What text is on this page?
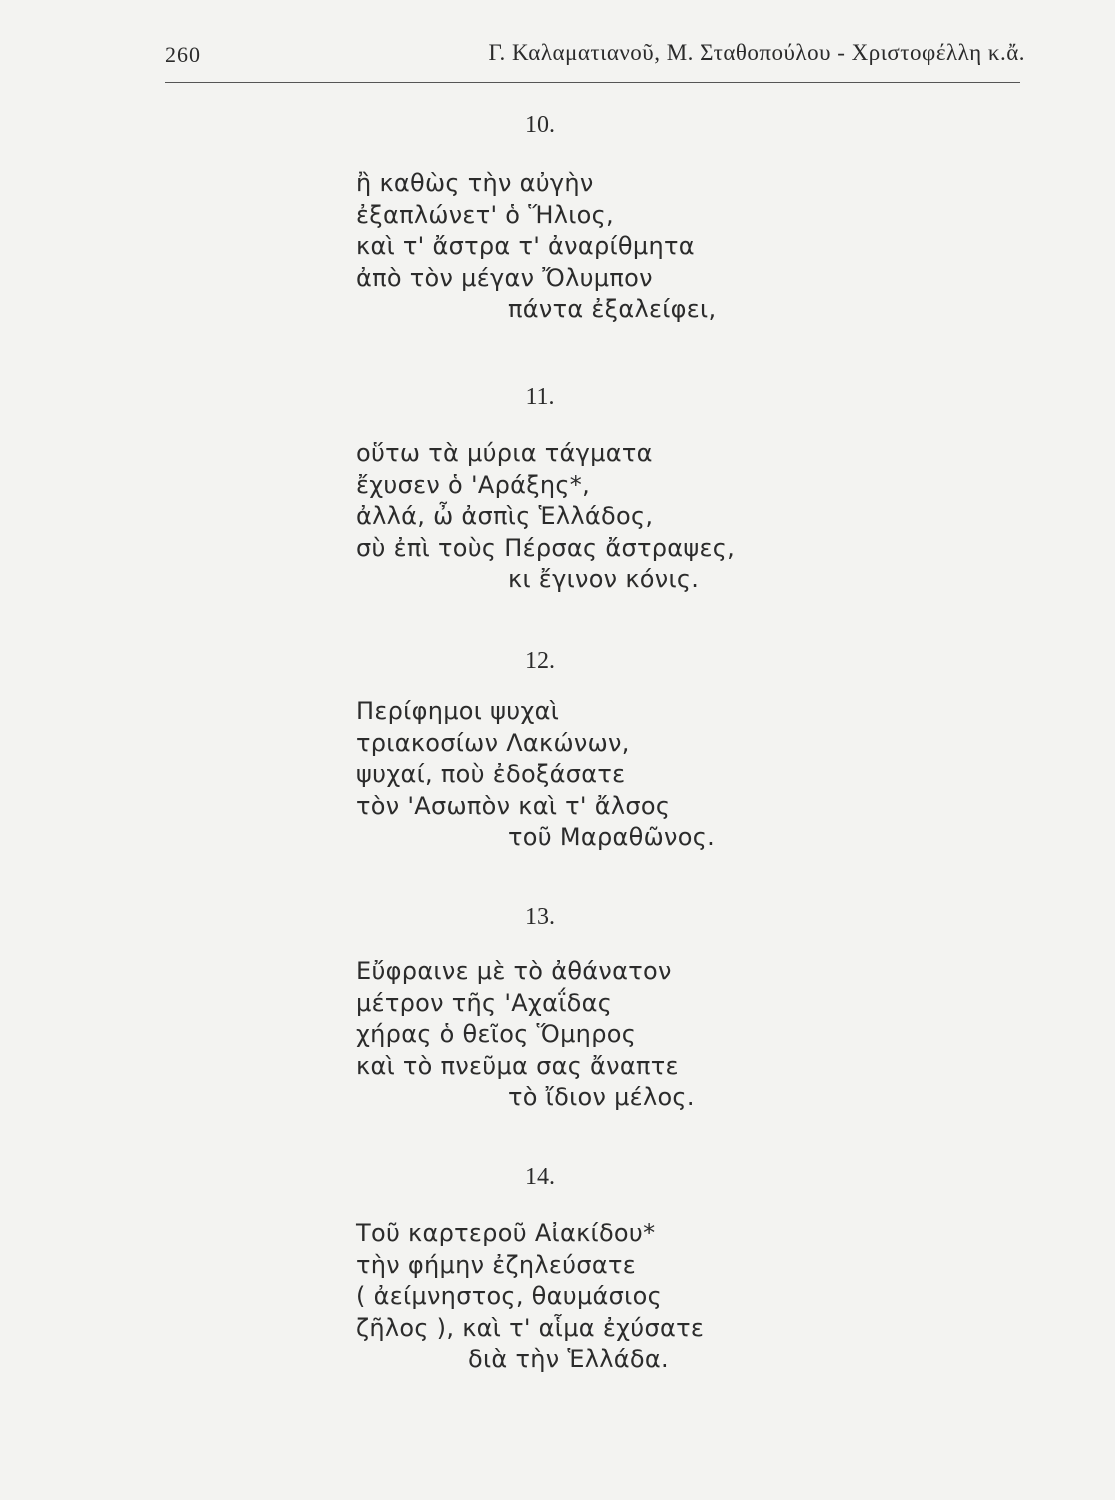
260	Γ. Καλαματιανοῦ, Μ. Σταθοπούλου - Χριστοφέλλη κ.ἄ.
10.
ἢ καθὼς τὴν αὐγὴν
ἐξαπλώνετ' ὁ Ἥλιος,
καὶ τ' ἄστρα τ' ἀναρίθμητα
ἀπὸ τὸν μέγαν Ὄλυμπον
πάντα ἐξαλείφει,
11.
οὕτω τὰ μύρια τάγματα
ἔχυσεν ὁ 'Αράξης*,
ἀλλά, ὦ ἀσπὶς Ἑλλάδος,
σὺ ἐπὶ τοὺς Πέρσας ἄστραψες,
κι ἔγινον κόνις.
12.
Περίφημοι ψυχαὶ
τριακοσίων Λακώνων,
ψυχαί, ποὺ ἐδοξάσατε
τὸν 'Ασωπὸν καὶ τ' ἄλσος
τοῦ Μαραθῶνος.
13.
Εὔφραινε μὲ τὸ ἀθάνατον
μέτρον τῆς 'Αχαΐδας
χήρας ὁ θεῖος Ὅμηρος
καὶ τὸ πνεῦμα σας ἄναπτε
τὸ ἴδιον μέλος.
14.
Τοῦ καρτεροῦ Αἰακίδου*
τὴν φήμην ἐζηλεύσατε
( ἀείμνηστος, θαυμάσιος
ζῆλος ), καὶ τ' αἷμα ἐχύσατε
διὰ τὴν Ἑλλάδα.
